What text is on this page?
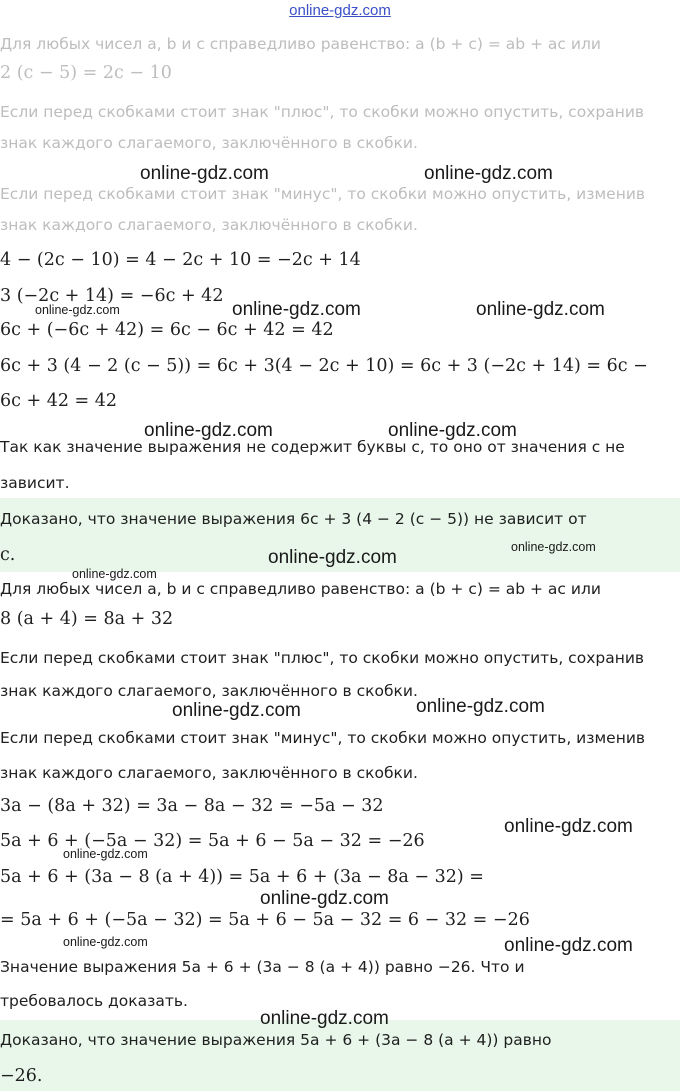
online-gdz.com
Для любых чисел a, b и c справедливо равенство: a (b + c) = ab + ac или
2 (c − 5) = 2c − 10
Если перед скобками стоит знак "плюс", то скобки можно опустить, сохранив
знак каждого слагаемого, заключённого в скобки.
Если перед скобками стоит знак "минус", то скобки можно опустить, изменив
знак каждого слагаемого, заключённого в скобки.
4 − (2c − 10) = 4 − 2c + 10 = −2c + 14
3 (−2c + 14) = −6c + 42
6c + (−6c + 42) = 6c − 6c + 42 = 42
6c + 3 (4 − 2 (c − 5)) = 6c + 3(4 − 2c + 10) = 6c + 3 (−2c + 14) = 6c −
6c + 42 = 42
Так как значение выражения не содержит буквы c, то оно от значения c не
зависит.
Доказано, что значение выражения 6c + 3 (4 − 2 (c − 5)) не зависит от
c.
Для любых чисел a, b и c справедливо равенство: a (b + c) = ab + ac или
8 (a + 4) = 8a + 32
Если перед скобками стоит знак "плюс", то скобки можно опустить, сохранив
знак каждого слагаемого, заключённого в скобки.
Если перед скобками стоит знак "минус", то скобки можно опустить, изменив
знак каждого слагаемого, заключённого в скобки.
3a − (8a + 32) = 3a − 8a − 32 = −5a − 32
5a + 6 + (−5a − 32) = 5a + 6 − 5a − 32 = −26
5a + 6 + (3a − 8 (a + 4)) = 5a + 6 + (3a − 8a − 32) =
= 5a + 6 + (−5a − 32) = 5a + 6 − 5a − 32 = 6 − 32 = −26
Значение выражения 5a + 6 + (3a − 8 (a + 4)) равно −26. Что и
требовалось доказать.
Доказано, что значение выражения 5a + 6 + (3a − 8 (a + 4)) равно
−26.
online-gdz.com	online-gdz.com
online-gdz.com	online-gdz.com
online-gdz.com
online-gdz.com	online-gdz.com
online-gdz.com	online-gdz.com
online-gdz.com
online-gdz.com	online-gdz.com
online-gdz.com
online-gdz.com
online-gdz.com
online-gdz.com	online-gdz.com
online-gdz.com
